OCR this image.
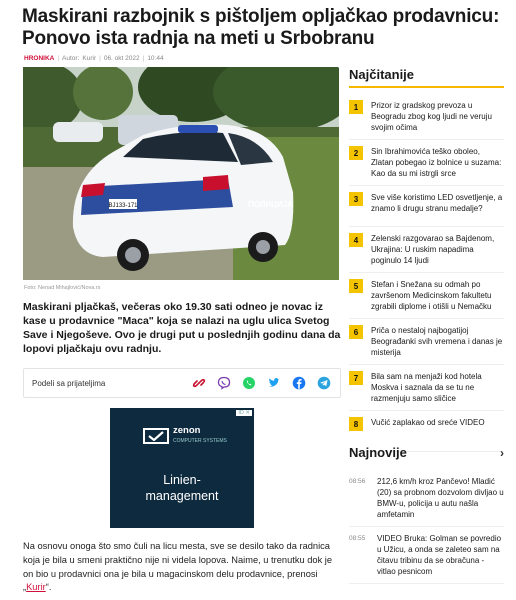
Maskirani razbojnik s pištoljem opljačkao prodavnicu: Ponovo ista radnja na meti u Srbobranu
HRONIKA | Autor: Kurir | 06. okt 2022 | 10:44
BJ133-171	ПОЛИЦИЈА
Foto: Nenad Mihajlović/Nova.rs

Maskirani pljačkaš, večeras oko 19.30 sati odneo je novac iz kase u prodavnice "Maca" koja se nalazi na uglu ulica Svetog Save i Njegoševe. Ovo je drugi put u poslednjih godinu dana da lopovi pljačkaju ovu radnju.

Podeli sa prijateljima
ID ✕
zenon
COMPUTER SYSTEMS
Linien-
management

Na osnovu onoga što smo čuli na licu mesta, sve se desilo tako da radnica koja je bila u smeni praktično nije ni videla lopova. Naime, u trenutku dok je on bio u prodavnici ona je bila u magacinskom delu prodavnice, prenosi „Kurir“.

Najčitanije
1	Prizor iz gradskog prevoza u Beogradu zbog kog ljudi ne veruju svojim očima
2	Sin Ibrahimovića teško oboleo, Zlatan pobegao iz bolnice u suzama: Kao da su mi istrgli srce
3	Sve više koristimo LED osvetljenje, a znamo li drugu stranu medalje?
4	Zelenski razgovarao sa Bajdenom, Ukrajina: U ruskim napadima poginulo 14 ljudi
5	Stefan i Snežana su odmah po završenom Medicinskom fakultetu zgrabili diplome i otišli u Nemačku
6	Priča o nestaloj najbogatijoj Beograđanki svih vremena i danas je misterija
7	Bila sam na menjaži kod hotela Moskva i saznala da se tu ne razmenjuju samo sličice
8	Vučić zaplakao od sreće VIDEO
Najnovije	›
08:56	212,6 km/h kroz Pančevo! Mladić (20) sa probnom dozvolom divljao u BMW-u, policija u autu našla amfetamin
08:55	VIDEO Bruka: Golman se povredio u Užicu, a onda se zaleteo sam na čitavu tribinu da se obračuna - vitlao pesnicom
